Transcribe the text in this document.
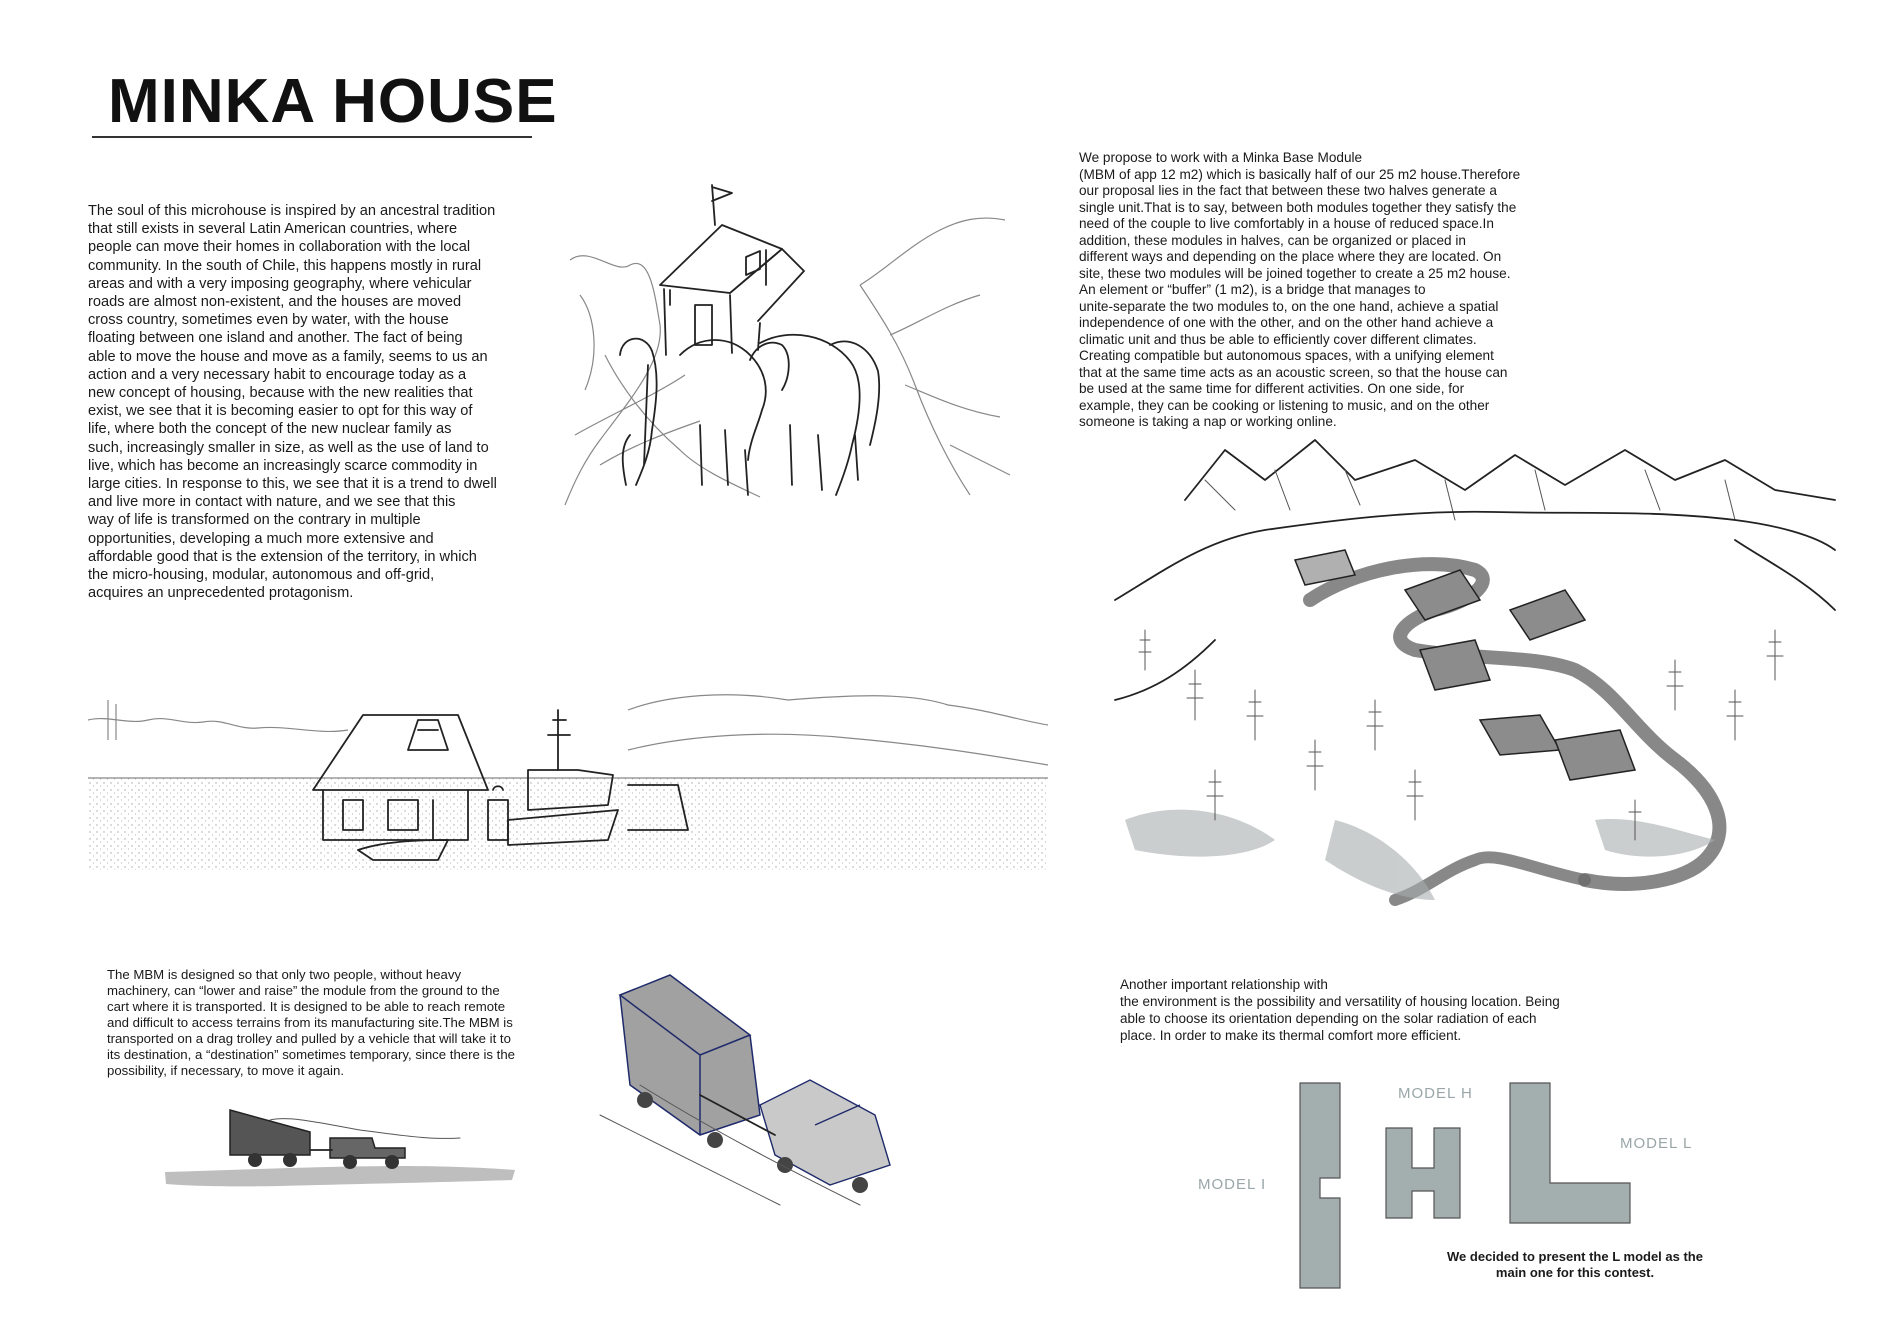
MINKA HOUSE

The soul of this microhouse is inspired by an ancestral tradition
that still exists in several Latin American countries, where
people can move their homes in collaboration with the local
community. In the south of Chile, this happens mostly in rural
areas and with a very imposing geography, where vehicular
roads are almost non-existent, and the houses are moved
cross country, sometimes even by water, with the house
floating between one island and another. The fact of being
able to move the house and move as a family, seems to us an
action and a very necessary habit to encourage today as a
new concept of housing, because with the new realities that
exist, we see that it is becoming easier to opt for this way of
life, where both the concept of the new nuclear family as
such, increasingly smaller in size, as well as the use of land to
live, which has become an increasingly scarce commodity in
large cities. In response to this, we see that it is a trend to dwell
and live more in contact with nature, and we see that this
way of life is transformed on the contrary in multiple
opportunities, developing a much more extensive and
affordable good that is the extension of the territory, in which
the micro-housing, modular, autonomous and off-grid,
acquires an unprecedented protagonism.

We propose to work with a Minka Base Module
(MBM of app 12 m2) which is basically half of our 25 m2 house.Therefore
our proposal lies in the fact that between these two halves generate a
single unit.That is to say, between both modules together they satisfy the
need of the couple to live comfortably in a house of reduced space.In
addition, these modules in halves, can be organized or placed in
different ways and depending on the place where they are located. On
site, these two modules will be joined together to create a 25 m2 house.
An element or “buffer” (1 m2), is a bridge that manages to
unite-separate the two modules to, on the one hand, achieve a spatial
independence of one with the other, and on the other hand achieve a
climatic unit and thus be able to efficiently cover different climates.
Creating compatible but autonomous spaces, with a unifying element
that at the same time acts as an acoustic screen, so that the house can
be used at the same time for different activities. On one side, for
example, they can be cooking or listening to music, and on the other
someone is taking a nap or working online.

The MBM is designed so that only two people, without heavy
machinery, can “lower and raise” the module from the ground to the
cart where it is transported. It is designed to be able to reach remote
and difficult to access terrains from its manufacturing site.The MBM is
transported on a drag trolley and pulled by a vehicle that will take it to
its destination, a “destination” sometimes temporary, since there is the
possibility, if necessary, to move it again.

Another important relationship with
the environment is the possibility and versatility of housing location. Being
able to choose its orientation depending on the solar radiation of each
place. In order to make its thermal comfort more efficient.

We decided to present the L model as the
main one for this contest.

MODEL I
MODEL H
MODEL L
